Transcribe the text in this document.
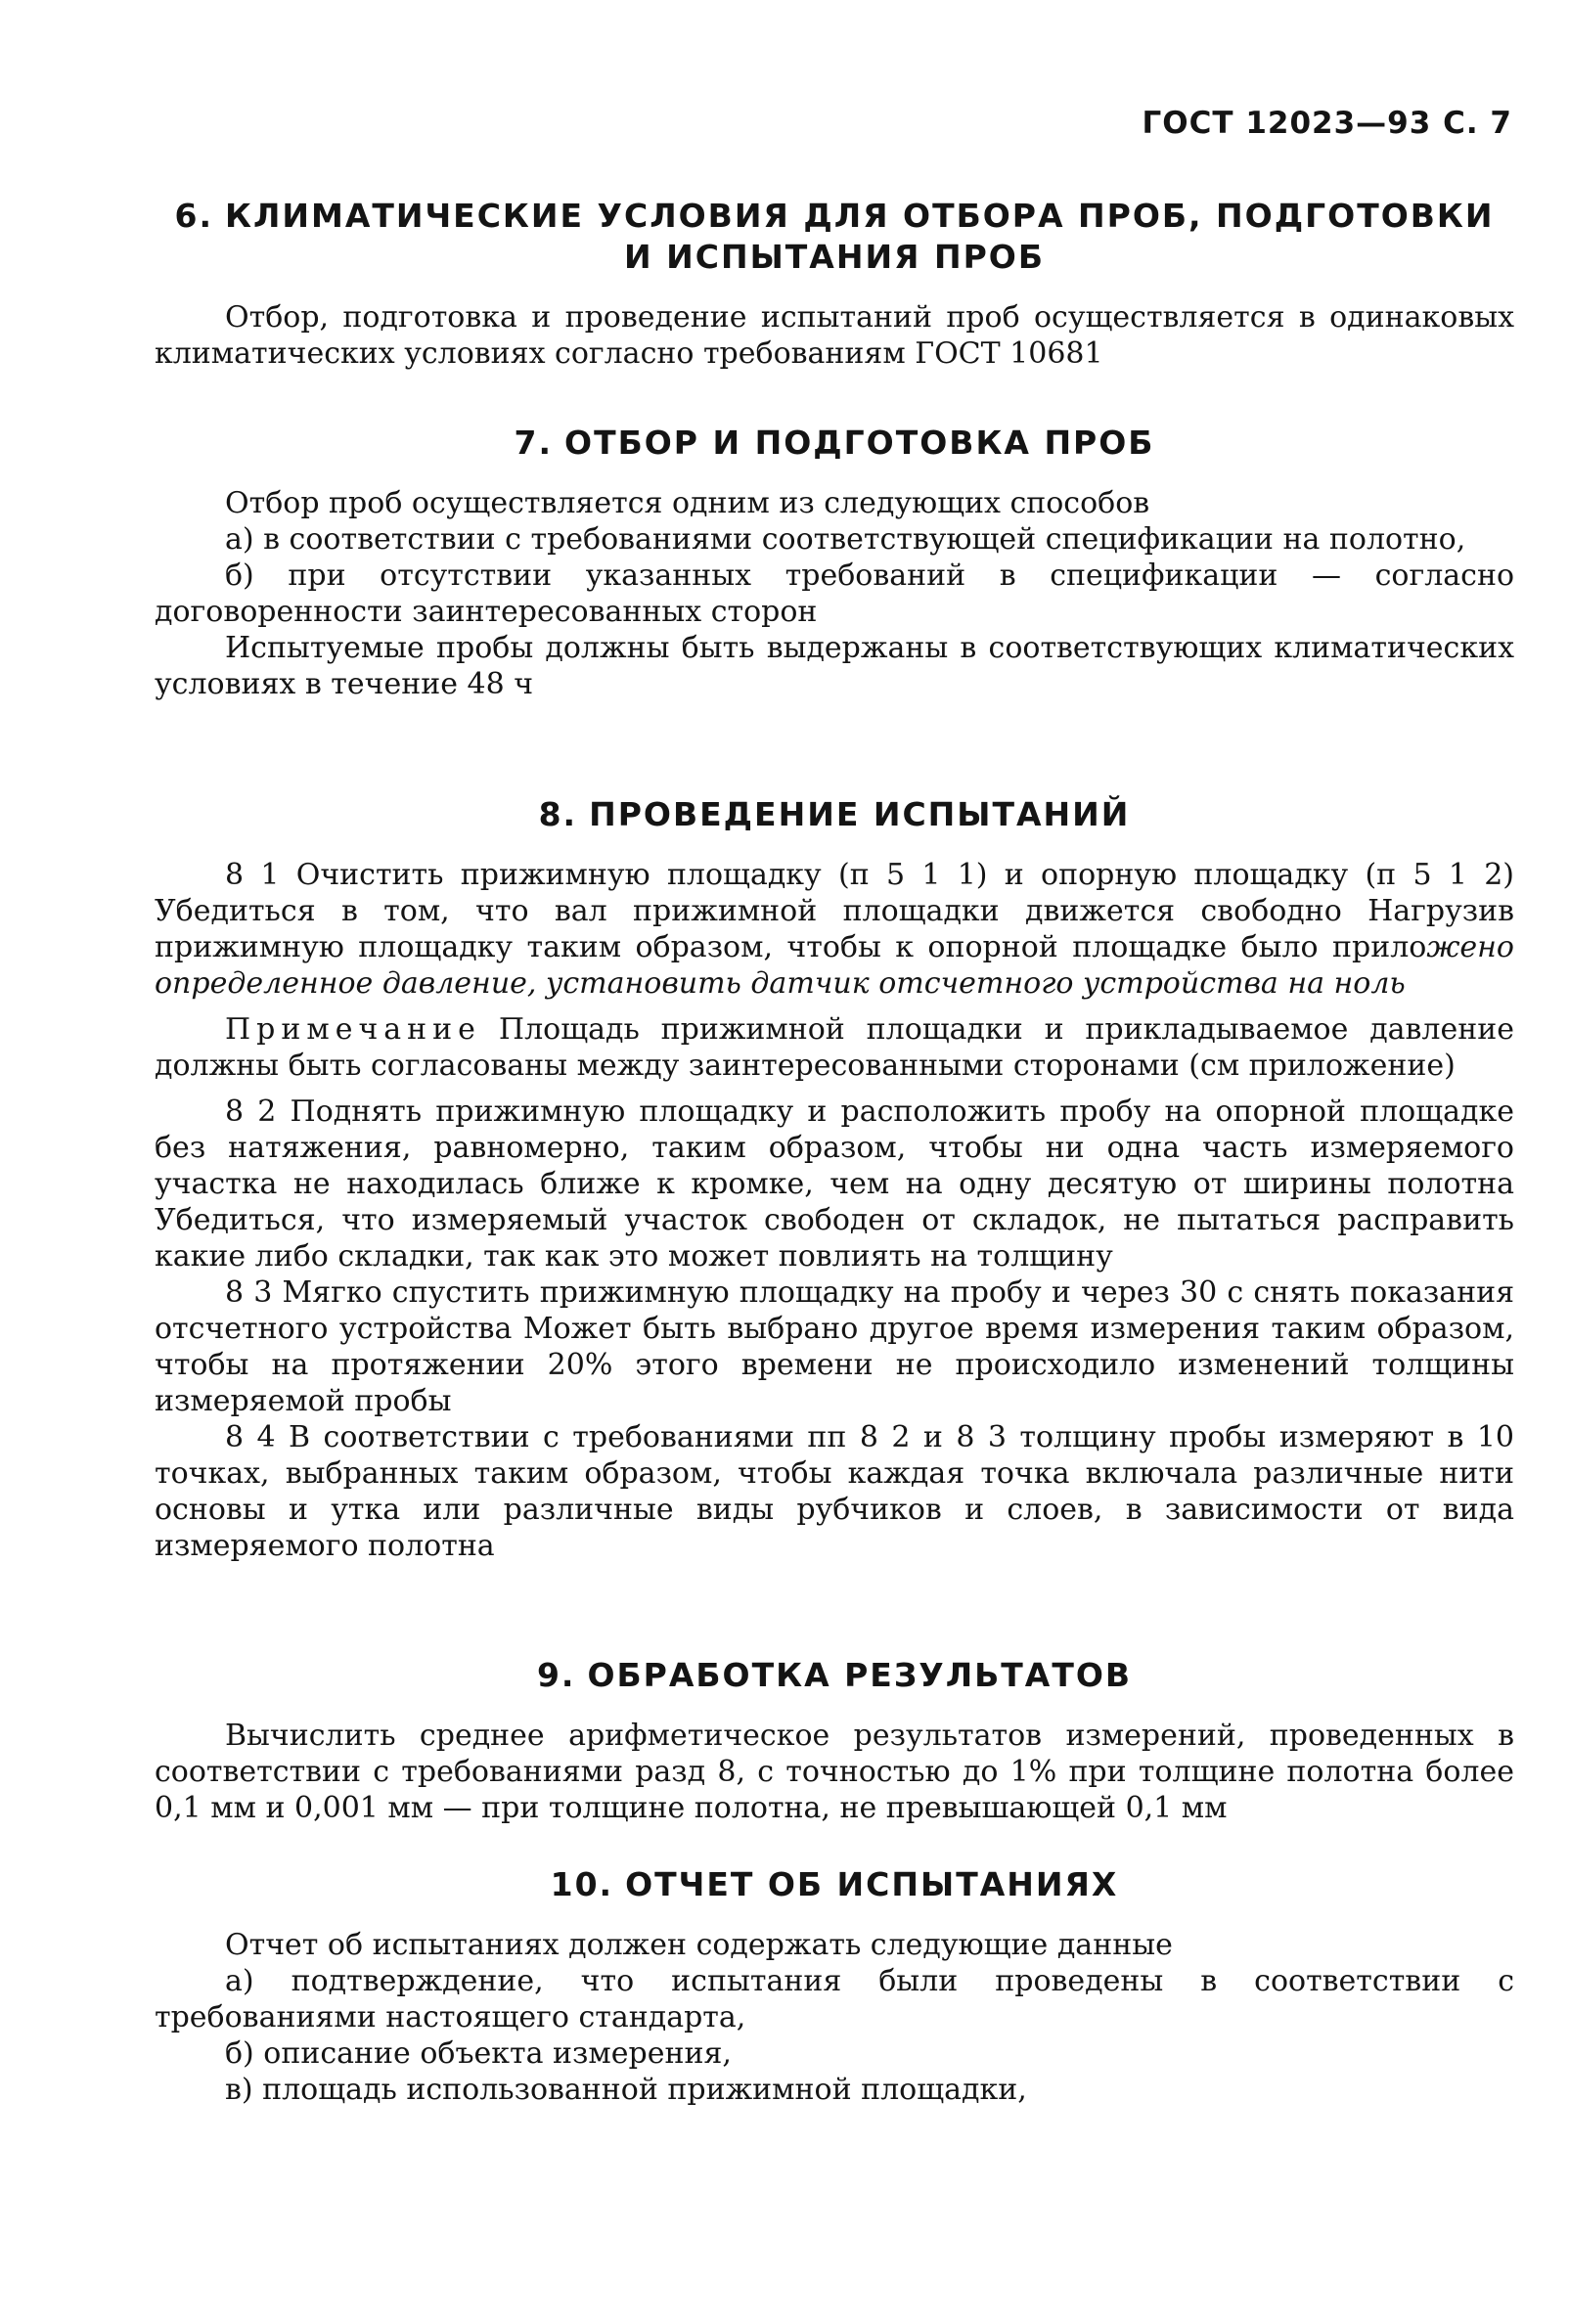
ГОСТ 12023—93 С. 7
6. КЛИМАТИЧЕСКИЕ УСЛОВИЯ ДЛЯ ОТБОРА ПРОБ, ПОДГОТОВКИ
И ИСПЫТАНИЯ ПРОБ

Отбор, подготовка и проведение испытаний проб осуществляется в одинаковых климатических условиях согласно требованиям ГОСТ 10681

7. ОТБОР И ПОДГОТОВКА ПРОБ

Отбор проб осуществляется одним из следующих способов

а) в соответствии с требованиями соответствующей спецификации на полотно,

б) при отсутствии указанных требований в спецификации — согласно договоренности заинтересованных сторон

Испытуемые пробы должны быть выдержаны в соответствующих климатических условиях в течение 48 ч

8. ПРОВЕДЕНИЕ ИСПЫТАНИЙ

8 1 Очистить прижимную площадку (п 5 1 1) и опорную площадку (п 5 1 2) Убедиться в том, что вал прижимной площадки движется свободно Нагрузив прижимную площадку таким образом, чтобы к опорной площадке было приложено определенное давление, установить датчик отсчетного устройства на ноль

Примечание Площадь прижимной площадки и прикладываемое давление должны быть согласованы между заинтересованными сторонами (см приложение)

8 2 Поднять прижимную площадку и расположить пробу на опорной площадке без натяжения, равномерно, таким образом, чтобы ни одна часть измеряемого участка не находилась ближе к кромке, чем на одну десятую от ширины полотна Убедиться, что измеряемый участок свободен от складок, не пытаться расправить какие либо складки, так как это может повлиять на толщину

8 3 Мягко спустить прижимную площадку на пробу и через 30 с снять показания отсчетного устройства Может быть выбрано другое время измерения таким образом, чтобы на протяжении 20% этого времени не происходило изменений толщины измеряемой пробы

8 4 В соответствии с требованиями пп 8 2 и 8 3 толщину пробы измеряют в 10 точках, выбранных таким образом, чтобы каждая точка включала различные нити основы и утка или различные виды рубчиков и слоев, в зависимости от вида измеряемого полотна

9. ОБРАБОТКА РЕЗУЛЬТАТОВ

Вычислить среднее арифметическое результатов измерений, проведенных в соответствии с требованиями разд 8, с точностью до 1% при толщине полотна более 0,1 мм и 0,001 мм — при толщине полотна, не превышающей 0,1 мм

10. ОТЧЕТ ОБ ИСПЫТАНИЯХ

Отчет об испытаниях должен содержать следующие данные

а) подтверждение, что испытания были проведены в соответствии с требованиями настоящего стандарта,

б) описание объекта измерения,

в) площадь использованной прижимной площадки,
